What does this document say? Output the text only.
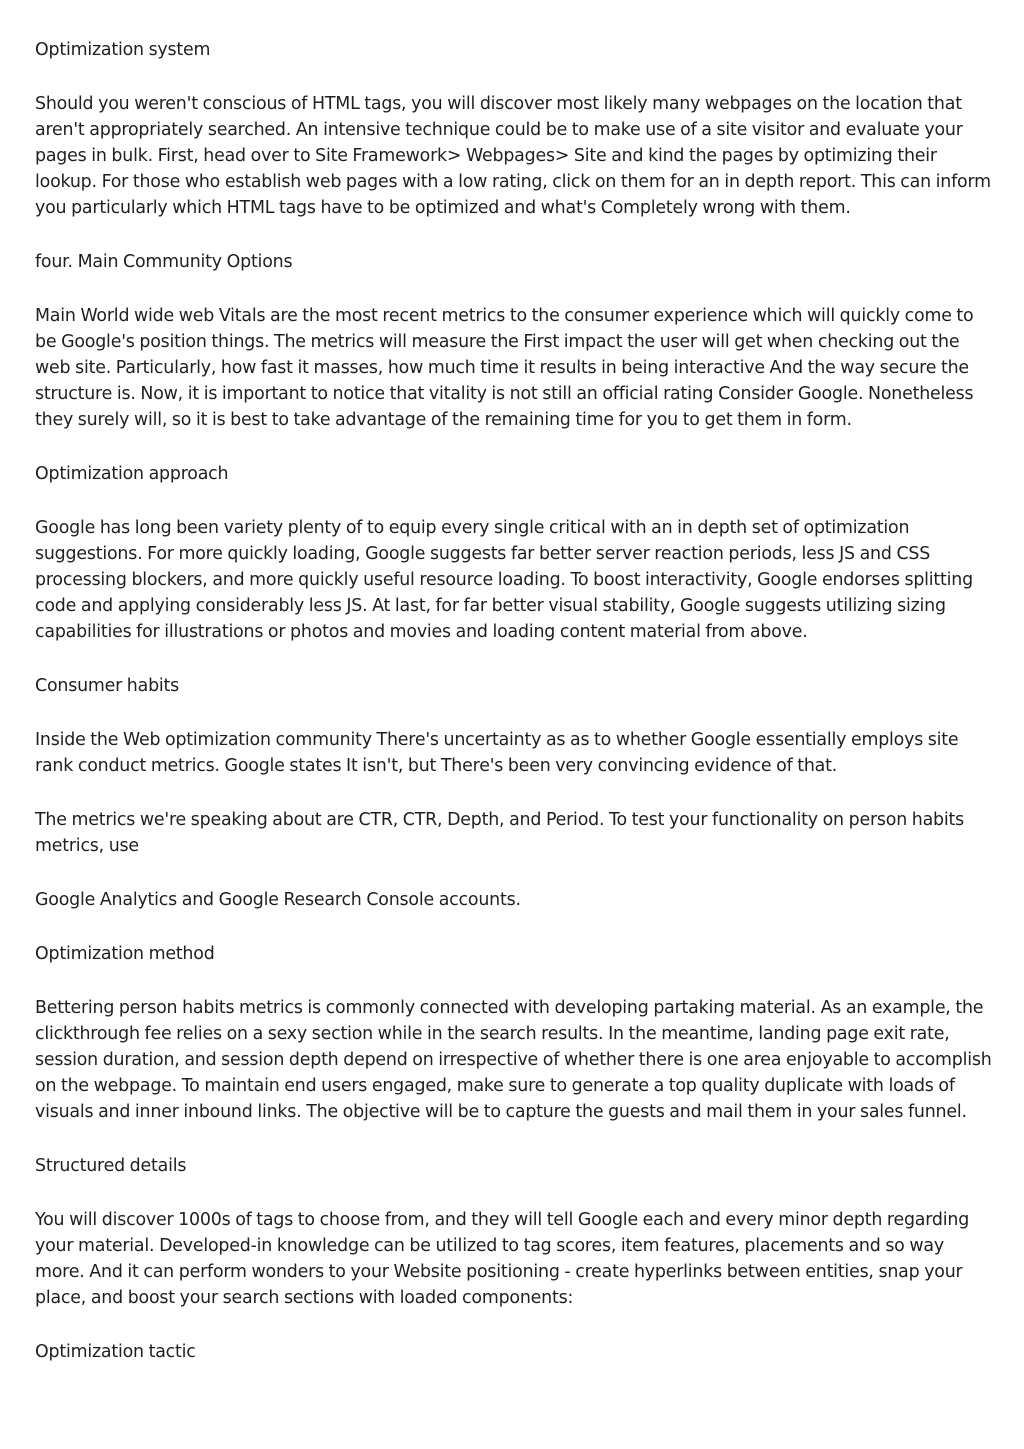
Optimization system

Should you weren't conscious of HTML tags, you will discover most likely many webpages on the location that aren't appropriately searched. An intensive technique could be to make use of a site visitor and evaluate your pages in bulk. First, head over to Site Framework> Webpages> Site and kind the pages by optimizing their lookup. For those who establish web pages with a low rating, click on them for an in depth report. This can inform you particularly which HTML tags have to be optimized and what's Completely wrong with them.

four. Main Community Options

Main World wide web Vitals are the most recent metrics to the consumer experience which will quickly come to be Google's position things. The metrics will measure the First impact the user will get when checking out the web site. Particularly, how fast it masses, how much time it results in being interactive And the way secure the structure is. Now, it is important to notice that vitality is not still an official rating Consider Google. Nonetheless they surely will, so it is best to take advantage of the remaining time for you to get them in form.

Optimization approach

Google has long been variety plenty of to equip every single critical with an in depth set of optimization suggestions. For more quickly loading, Google suggests far better server reaction periods, less JS and CSS processing blockers, and more quickly useful resource loading. To boost interactivity, Google endorses splitting code and applying considerably less JS. At last, for far better visual stability, Google suggests utilizing sizing capabilities for illustrations or photos and movies and loading content material from above.

Consumer habits

Inside the Web optimization community There's uncertainty as as to whether Google essentially employs site rank conduct metrics. Google states It isn't, but There's been very convincing evidence of that.

The metrics we're speaking about are CTR, CTR, Depth, and Period. To test your functionality on person habits metrics, use

Google Analytics and Google Research Console accounts.

Optimization method

Bettering person habits metrics is commonly connected with developing partaking material. As an example, the clickthrough fee relies on a sexy section while in the search results. In the meantime, landing page exit rate, session duration, and session depth depend on irrespective of whether there is one area enjoyable to accomplish on the webpage. To maintain end users engaged, make sure to generate a top quality duplicate with loads of visuals and inner inbound links. The objective will be to capture the guests and mail them in your sales funnel.

Structured details

You will discover 1000s of tags to choose from, and they will tell Google each and every minor depth regarding your material. Developed-in knowledge can be utilized to tag scores, item features, placements and so way more. And it can perform wonders to your Website positioning - create hyperlinks between entities, snap your place, and boost your search sections with loaded components:

Optimization tactic
